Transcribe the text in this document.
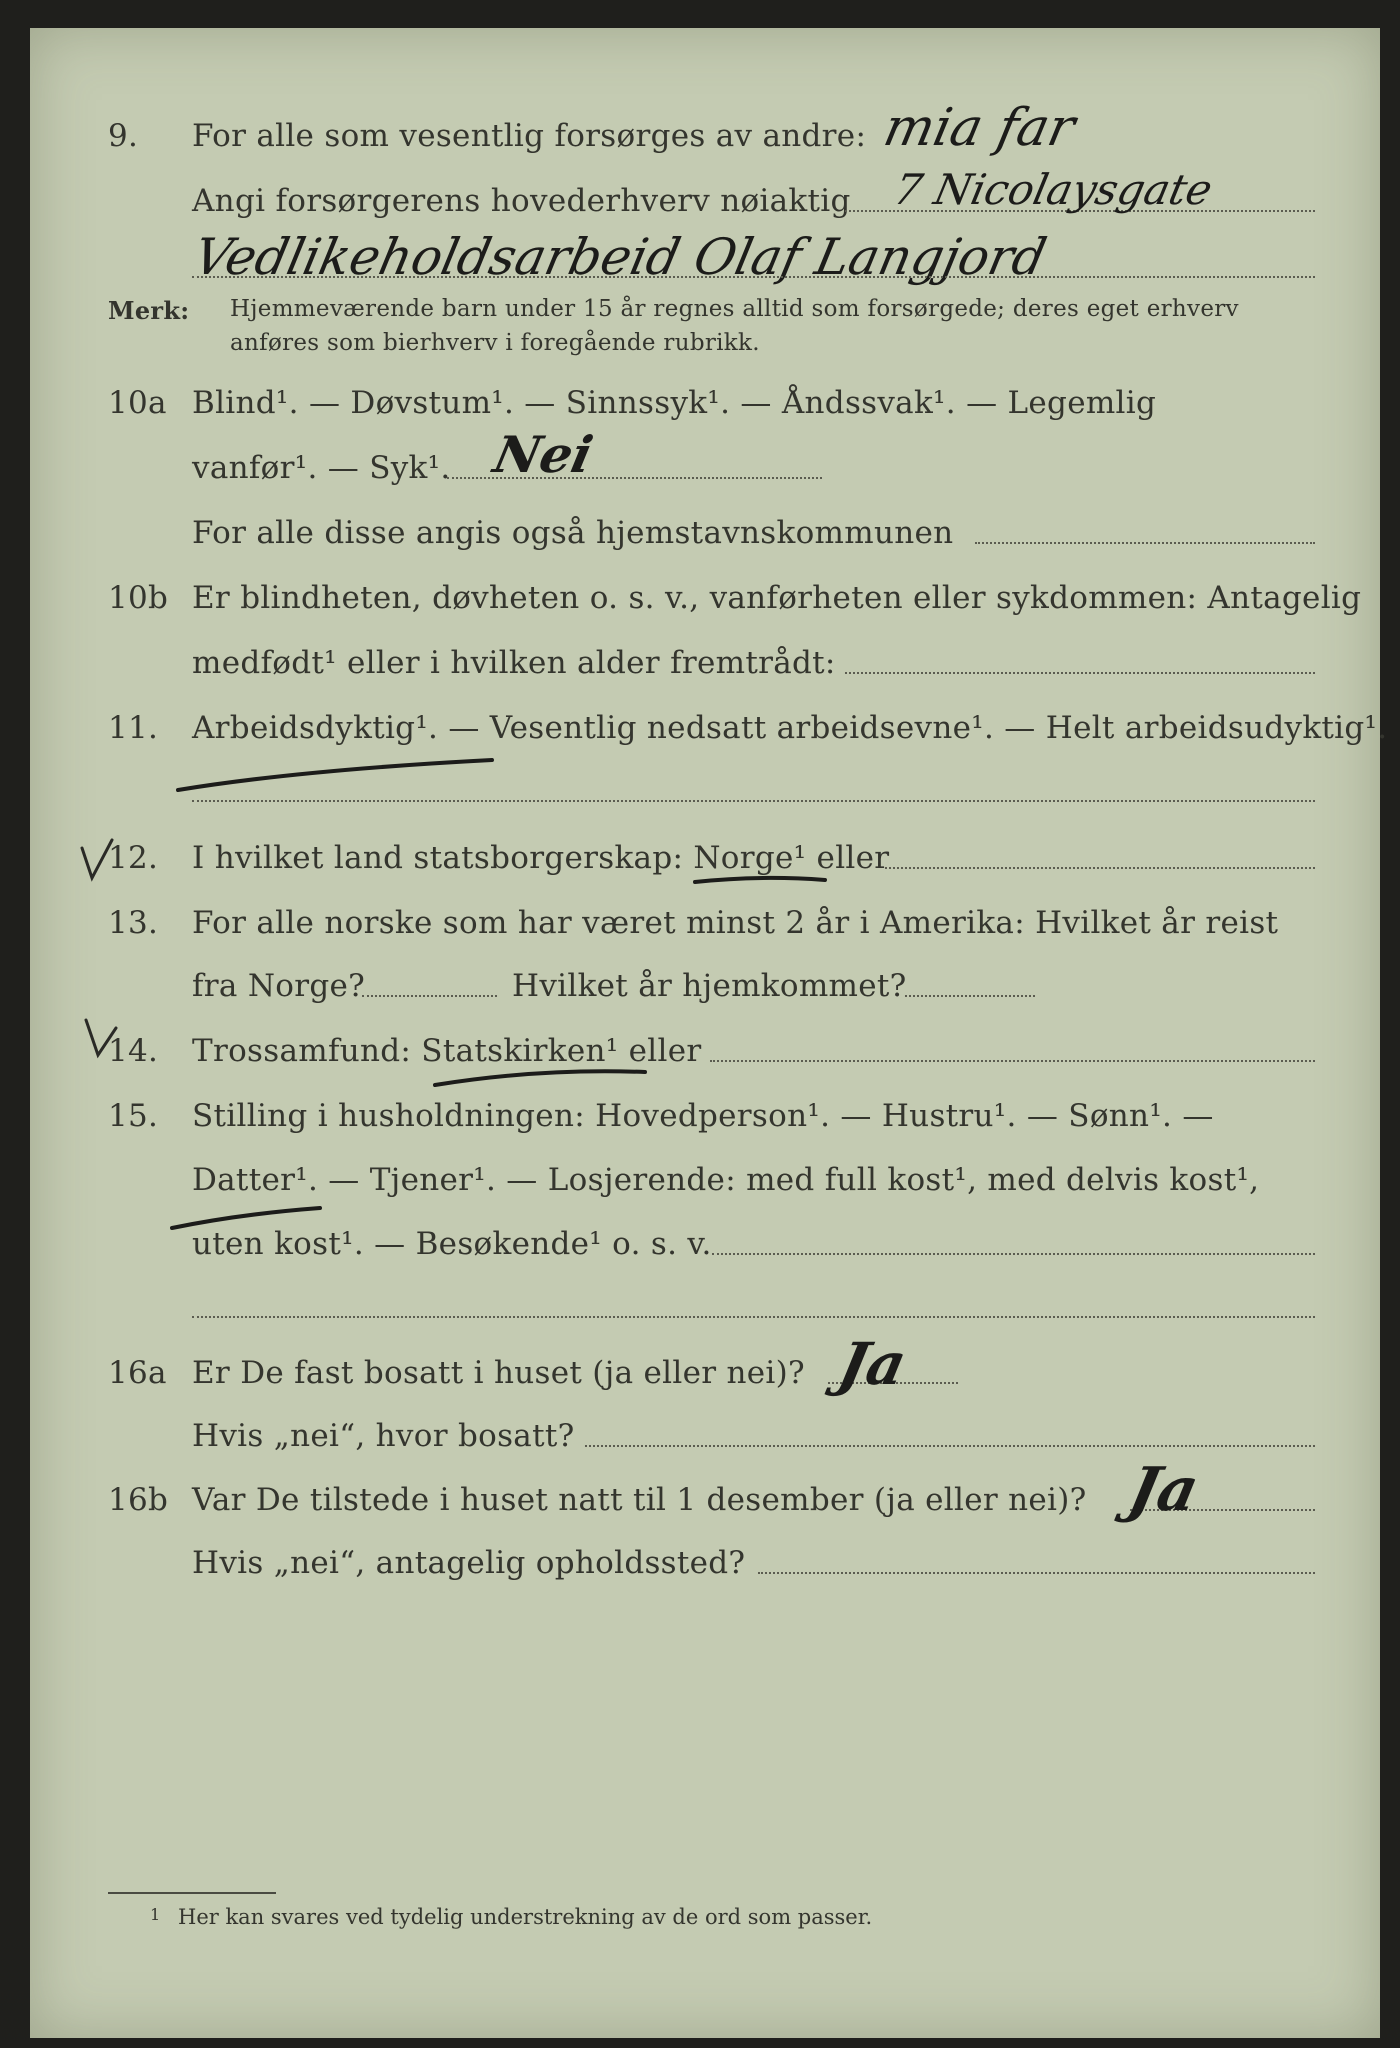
9. For alle som vesentlig forsørges av andre: mia far
Angi forsørgerens hovederhverv nøiaktig 7 Nicolaysgate
Vedlikeholdsarbeid Olaf Langjord
Merk: Hjemmeværende barn under 15 år regnes alltid som forsørgede; deres eget erhverv
anføres som bierhverv i foregående rubrikk.
10a Blind¹. — Døvstum¹. — Sinnssyk¹. — Åndssvak¹. — Legemlig
vanfør¹. — Syk¹. Nei
For alle disse angis også hjemstavnskommunen
10b Er blindheten, døvheten o. s. v., vanførheten eller sykdommen: Antagelig
medfødt¹ eller i hvilken alder fremtrådt:
11. Arbeidsdyktig¹. — Vesentlig nedsatt arbeidsevne¹. — Helt arbeidsudyktig¹.
12. I hvilket land statsborgerskap: Norge¹ eller
13. For alle norske som har været minst 2 år i Amerika: Hvilket år reist
fra Norge?	Hvilket år hjemkommet?
14. Trossamfund: Statskirken¹ eller
15. Stilling i husholdningen: Hovedperson¹. — Hustru¹. — Sønn¹. —
Datter¹. — Tjener¹. — Losjerende: med full kost¹, med delvis kost¹,
uten kost¹. — Besøkende¹ o. s. v.
16a Er De fast bosatt i huset (ja eller nei)? Ja
Hvis „nei“, hvor bosatt?
16b Var De tilstede i huset natt til 1 desember (ja eller nei)? Ja
Hvis „nei“, antagelig opholdssted?
1 Her kan svares ved tydelig understrekning av de ord som passer.
